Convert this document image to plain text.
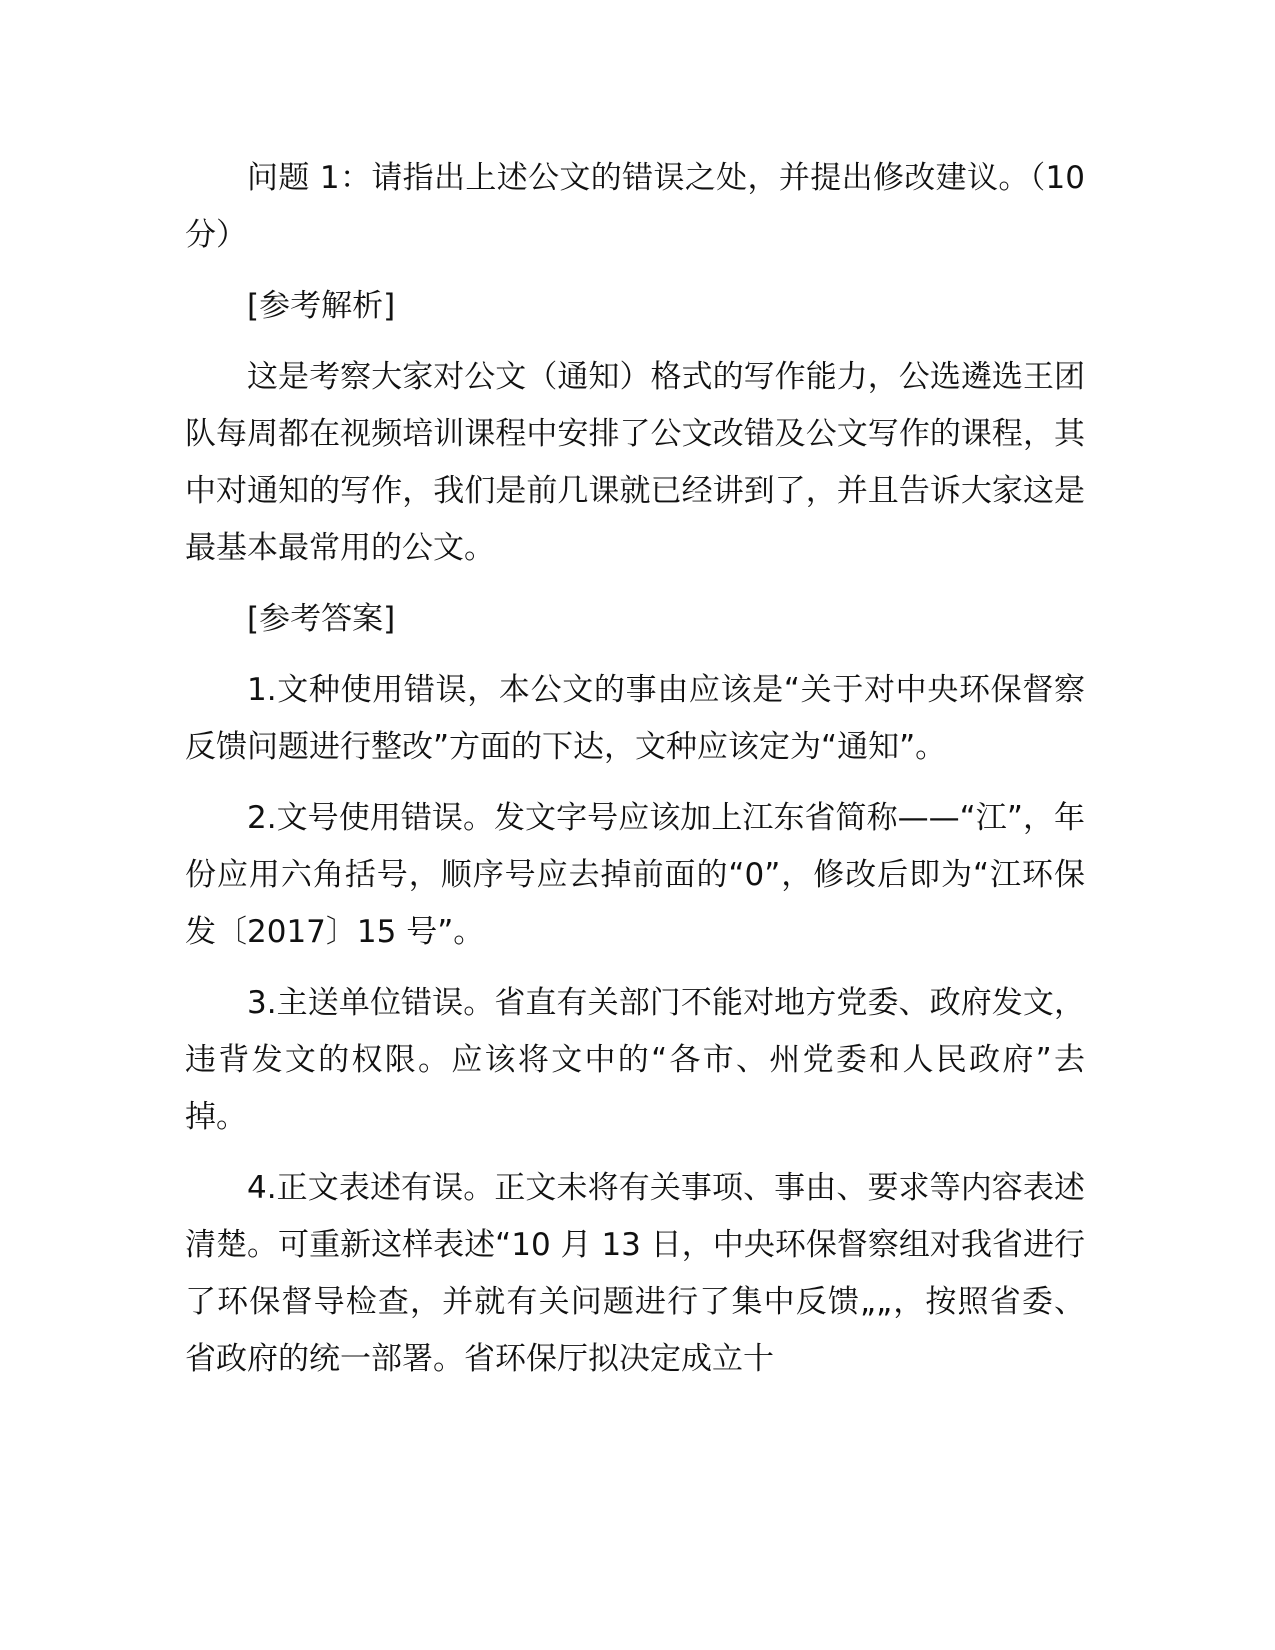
问题 1：请指出上述公文的错误之处，并提出修改建议。（10 分）

[参考解析]

这是考察大家对公文（通知）格式的写作能力，公选遴选王团队每周都在视频培训课程中安排了公文改错及公文写作的课程，其中对通知的写作，我们是前几课就已经讲到了，并且告诉大家这是最基本最常用的公文。

[参考答案]

1.文种使用错误，本公文的事由应该是“关于对中央环保督察反馈问题进行整改”方面的下达，文种应该定为“通知”。

2.文号使用错误。发文字号应该加上江东省简称——“江”，年份应用六角括号，顺序号应去掉前面的“0”，修改后即为“江环保发〔2017〕15 号”。

3.主送单位错误。省直有关部门不能对地方党委、政府发文，违背发文的权限。应该将文中的“各市、州党委和人民政府”去掉。

4.正文表述有误。正文未将有关事项、事由、要求等内容表述清楚。可重新这样表述“10 月 13 日，中央环保督察组对我省进行了环保督导检查，并就有关问题进行了集中反馈„„，按照省委、省政府的统一部署。省环保厅拟决定成立十
